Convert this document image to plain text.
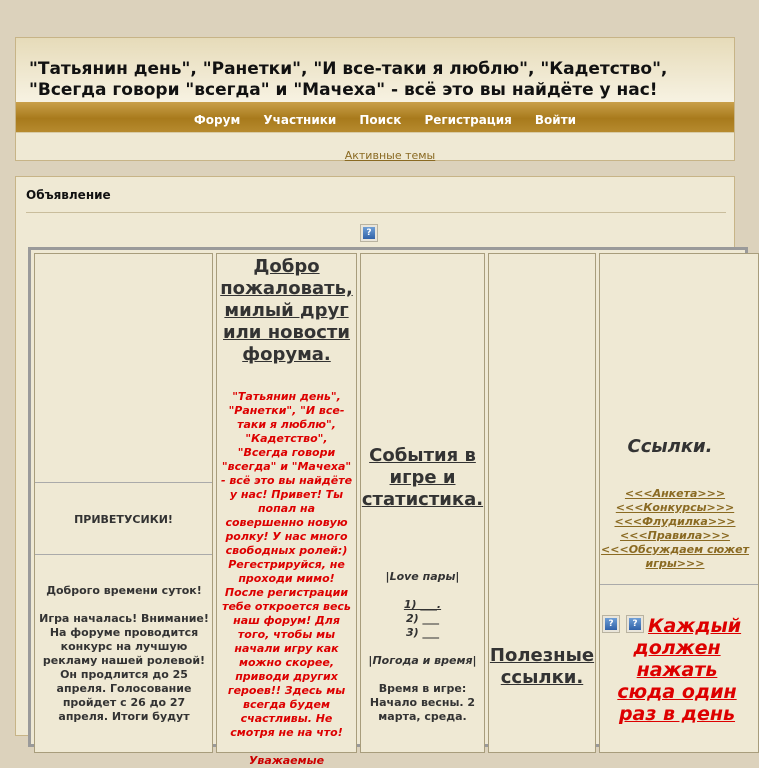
"Татьянин день", "Ранетки", "И все-таки я люблю", "Кадетство",
"Всегда говори "всегда" и "Мачеха" - всё это вы найдёте у нас!
Форум Участники Поиск Регистрация Войти
Активные темы
Объявление
?
ПРИВЕТУСИКИ!
Доброго времени суток!

Игра началась! Внимание! На форуме проводится конкурс на лучшую рекламу нашей ролевой! Он продлится до 25 апреля. Голосование пройдет с 26 до 27 апреля. Итоги будут
Добро пожаловать, милый друг или новости форума.
"Татьянин день", "Ранетки", "И все-таки я люблю", "Кадетство", "Всегда говори "всегда" и "Мачеха" - всё это вы найдёте у нас! Привет! Ты попал на совершенно новую ролку! У нас много свободных ролей:) Регестрируйся, не проходи мимо! После регистрации тебе откроется весь наш форум! Для того, чтобы мы начали игру как можно скорее, приводи других героев!! Здесь мы всегда будем счастливы. Не смотря не на что!

Уважаемые
События в игре и статистика.
|Love пары|

1) ___.
2) ___
3) ___

|Погода и время|

Время в игре: Начало весны. 2 марта, среда.
Полезные ссылки.
Ссылки.
<<<Анкета>>>
<<<Конкурсы>>>
<<<Флудилка>>>
<<<Правила>>>
<<<Обсуждаем сюжет игры>>>
?	? Каждый
должен
нажать
сюда один
раз в день
